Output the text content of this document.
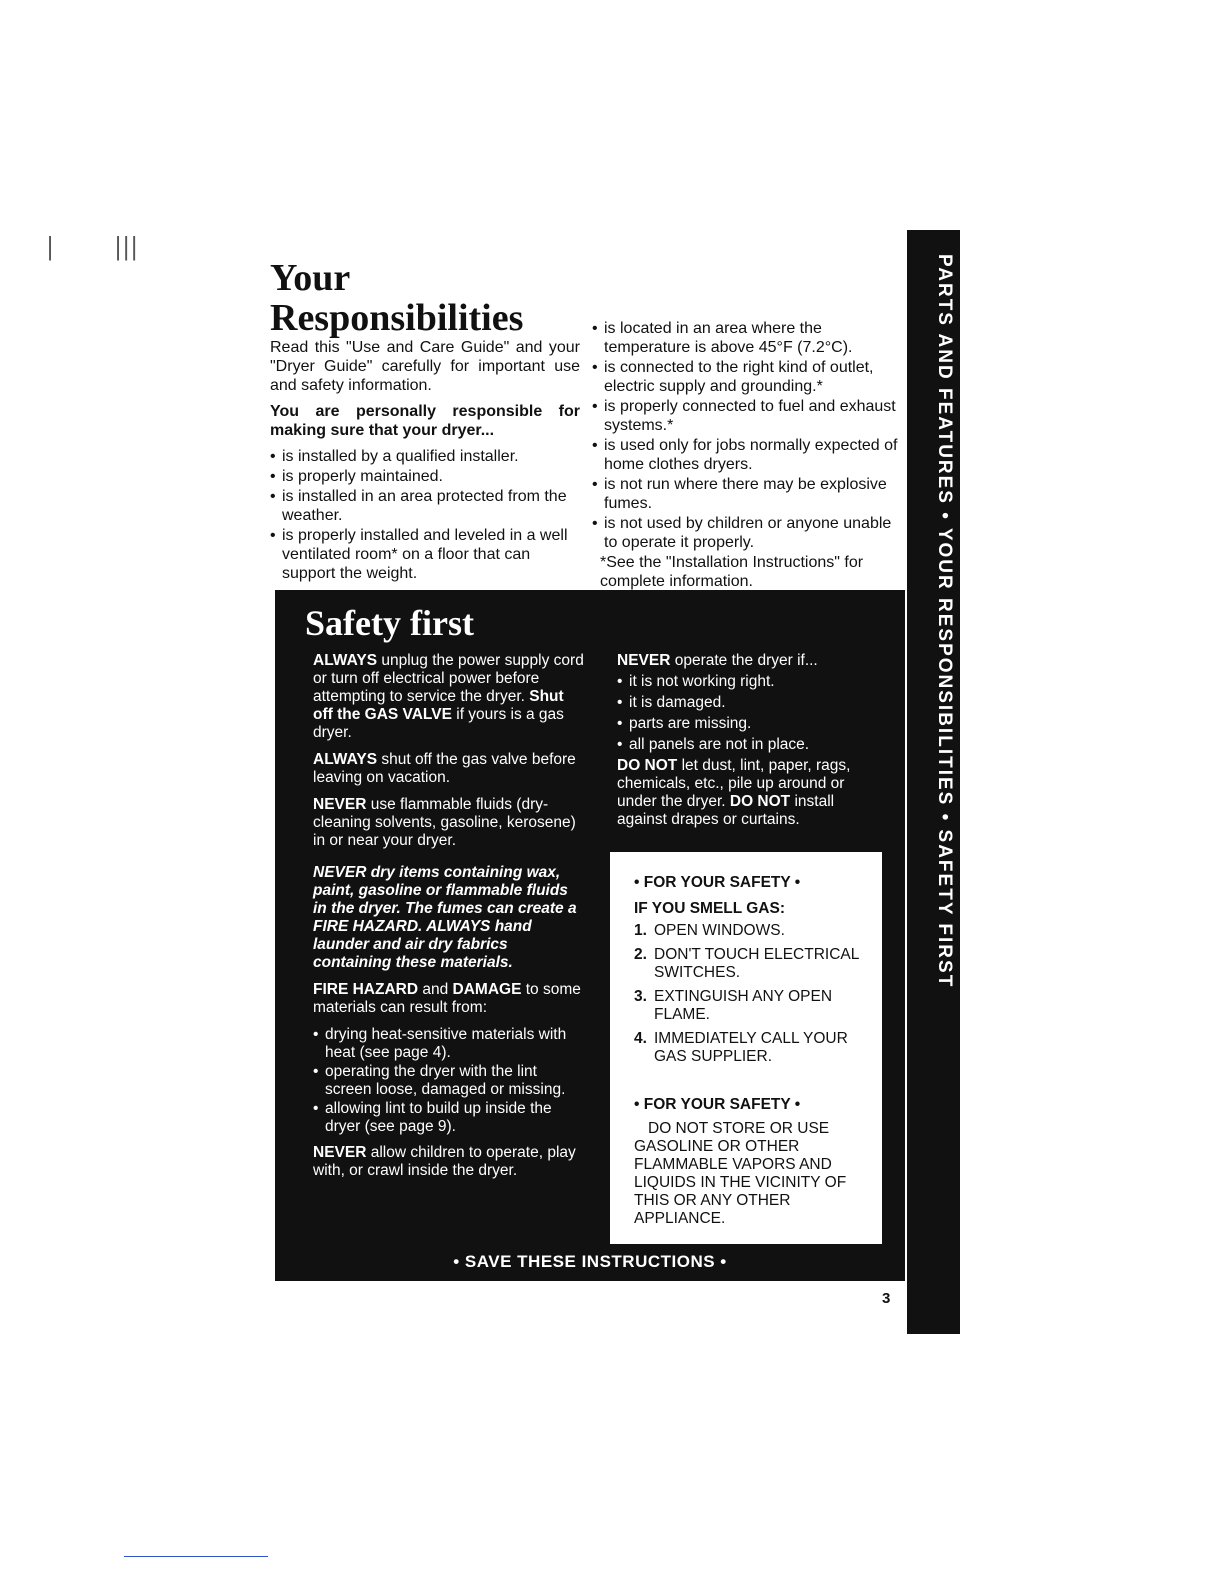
| |||
Your
Responsibilities

Read this "Use and Care Guide" and your "Dryer Guide" carefully for important use and safety information.

You are personally responsible for making sure that your dryer...

• is installed by a qualified installer.
• is properly maintained.
• is installed in an area protected from the weather.
• is properly installed and leveled in a well ventilated room* on a floor that can support the weight.
• is located in an area where the temperature is above 45°F (7.2°C).
• is connected to the right kind of outlet, electric supply and grounding.*
• is properly connected to fuel and exhaust systems.*
• is used only for jobs normally expected of home clothes dryers.
• is not run where there may be explosive fumes.
• is not used by children or anyone unable to operate it properly.
*See the "Installation Instructions" for complete information.	PARTS AND FEATURES • YOUR RESPONSIBILITIES • SAFETY FIRST
Safety first

ALWAYS unplug the power supply cord or turn off electrical power before attempting to service the dryer. Shut off the GAS VALVE if yours is a gas dryer.

ALWAYS shut off the gas valve before leaving on vacation.

NEVER use flammable fluids (dry-cleaning solvents, gasoline, kerosene) in or near your dryer.

NEVER dry items containing wax, paint, gasoline or flammable fluids in the dryer. The fumes can create a FIRE HAZARD. ALWAYS hand launder and air dry fabrics containing these materials.

FIRE HAZARD and DAMAGE to some materials can result from:

• drying heat-sensitive materials with heat (see page 4).
• operating the dryer with the lint screen loose, damaged or missing.
• allowing lint to build up inside the dryer (see page 9).

NEVER allow children to operate, play with, or crawl inside the dryer.

NEVER operate the dryer if...

• it is not working right.
• it is damaged.
• parts are missing.
• all panels are not in place.

DO NOT let dust, lint, paper, rags, chemicals, etc., pile up around or under the dryer. DO NOT install against drapes or curtains.

• FOR YOUR SAFETY •
IF YOU SMELL GAS:
1. OPEN WINDOWS.
2. DON'T TOUCH ELECTRICAL SWITCHES.
3. EXTINGUISH ANY OPEN FLAME.
4. IMMEDIATELY CALL YOUR GAS SUPPLIER.
• FOR YOUR SAFETY •
DO NOT STORE OR USE
GASOLINE OR OTHER FLAMMABLE VAPORS AND LIQUIDS IN THE VICINITY OF THIS OR ANY OTHER APPLIANCE.
• SAVE THESE INSTRUCTIONS •
3
